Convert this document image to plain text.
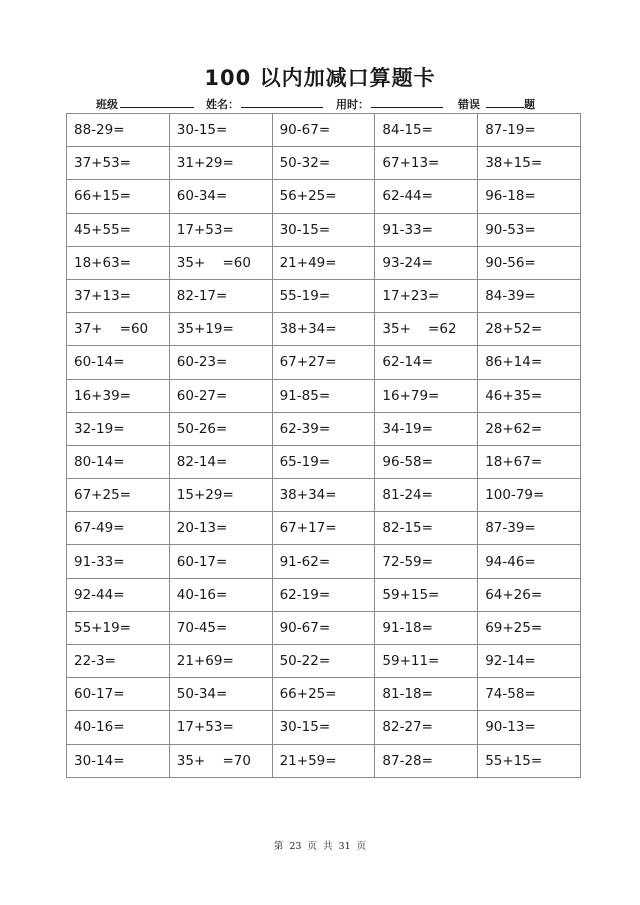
100 以内加减口算题卡
班级	姓名：	用时：	错误	题
88-29=	30-15=	90-67=	84-15=	87-19=
37+53=	31+29=	50-32=	67+13=	38+15=
66+15=	60-34=	56+25=	62-44=	96-18=
45+55=	17+53=	30-15=	91-33=	90-53=
18+63=	35+    =60	21+49=	93-24=	90-56=
37+13=	82-17=	55-19=	17+23=	84-39=
37+    =60	35+19=	38+34=	35+    =62	28+52=
60-14=	60-23=	67+27=	62-14=	86+14=
16+39=	60-27=	91-85=	16+79=	46+35=
32-19=	50-26=	62-39=	34-19=	28+62=
80-14=	82-14=	65-19=	96-58=	18+67=
67+25=	15+29=	38+34=	81-24=	100-79=
67-49=	20-13=	67+17=	82-15=	87-39=
91-33=	60-17=	91-62=	72-59=	94-46=
92-44=	40-16=	62-19=	59+15=	64+26=
55+19=	70-45=	90-67=	91-18=	69+25=
22-3=	21+69=	50-22=	59+11=	92-14=
60-17=	50-34=	66+25=	81-18=	74-58=
40-16=	17+53=	30-15=	82-27=	90-13=
30-14=	35+    =70	21+59=	87-28=	55+15=
第 23 页 共 31 页
